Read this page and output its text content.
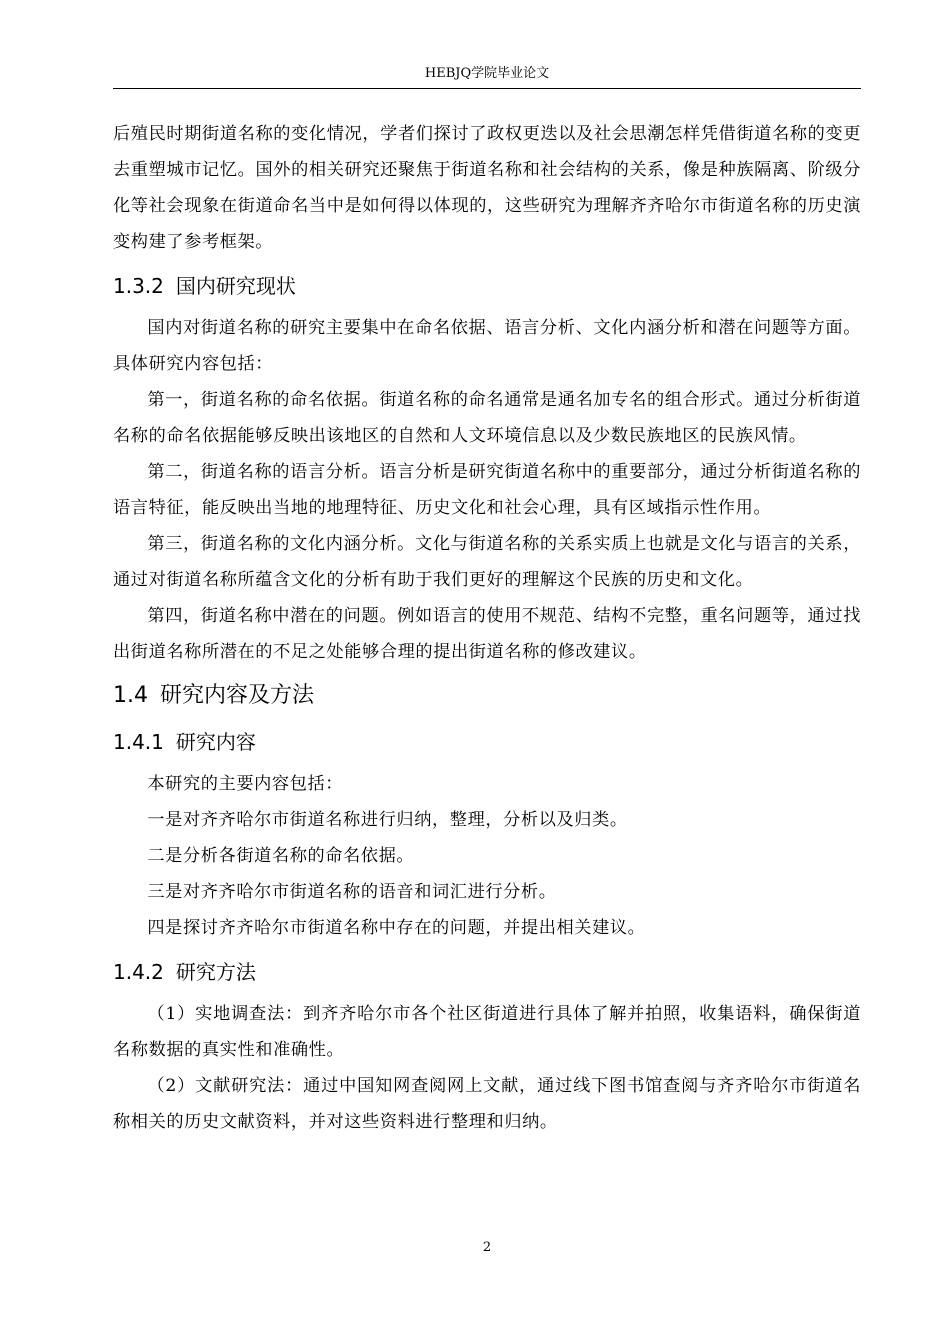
HEBJQ学院毕业论文

后殖民时期街道名称的变化情况，学者们探讨了政权更迭以及社会思潮怎样凭借街道名称的变更去重塑城市记忆。国外的相关研究还聚焦于街道名称和社会结构的关系，像是种族隔离、阶级分化等社会现象在街道命名当中是如何得以体现的，这些研究为理解齐齐哈尔市街道名称的历史演变构建了参考框架。

1.3.2 国内研究现状

国内对街道名称的研究主要集中在命名依据、语言分析、文化内涵分析和潜在问题等方面。具体研究内容包括：

第一，街道名称的命名依据。街道名称的命名通常是通名加专名的组合形式。通过分析街道名称的命名依据能够反映出该地区的自然和人文环境信息以及少数民族地区的民族风情。

第二，街道名称的语言分析。语言分析是研究街道名称中的重要部分，通过分析街道名称的语言特征，能反映出当地的地理特征、历史文化和社会心理，具有区域指示性作用。

第三，街道名称的文化内涵分析。文化与街道名称的关系实质上也就是文化与语言的关系，通过对街道名称所蕴含文化的分析有助于我们更好的理解这个民族的历史和文化。

第四，街道名称中潜在的问题。例如语言的使用不规范、结构不完整，重名问题等，通过找出街道名称所潜在的不足之处能够合理的提出街道名称的修改建议。

1.4 研究内容及方法
1.4.1 研究内容

本研究的主要内容包括：

一是对齐齐哈尔市街道名称进行归纳，整理，分析以及归类。

二是分析各街道名称的命名依据。

三是对齐齐哈尔市街道名称的语音和词汇进行分析。

四是探讨齐齐哈尔市街道名称中存在的问题，并提出相关建议。

1.4.2 研究方法

（1）实地调查法：到齐齐哈尔市各个社区街道进行具体了解并拍照，收集语料，确保街道名称数据的真实性和准确性。

（2）文献研究法：通过中国知网查阅网上文献，通过线下图书馆查阅与齐齐哈尔市街道名称相关的历史文献资料，并对这些资料进行整理和归纳。

2
